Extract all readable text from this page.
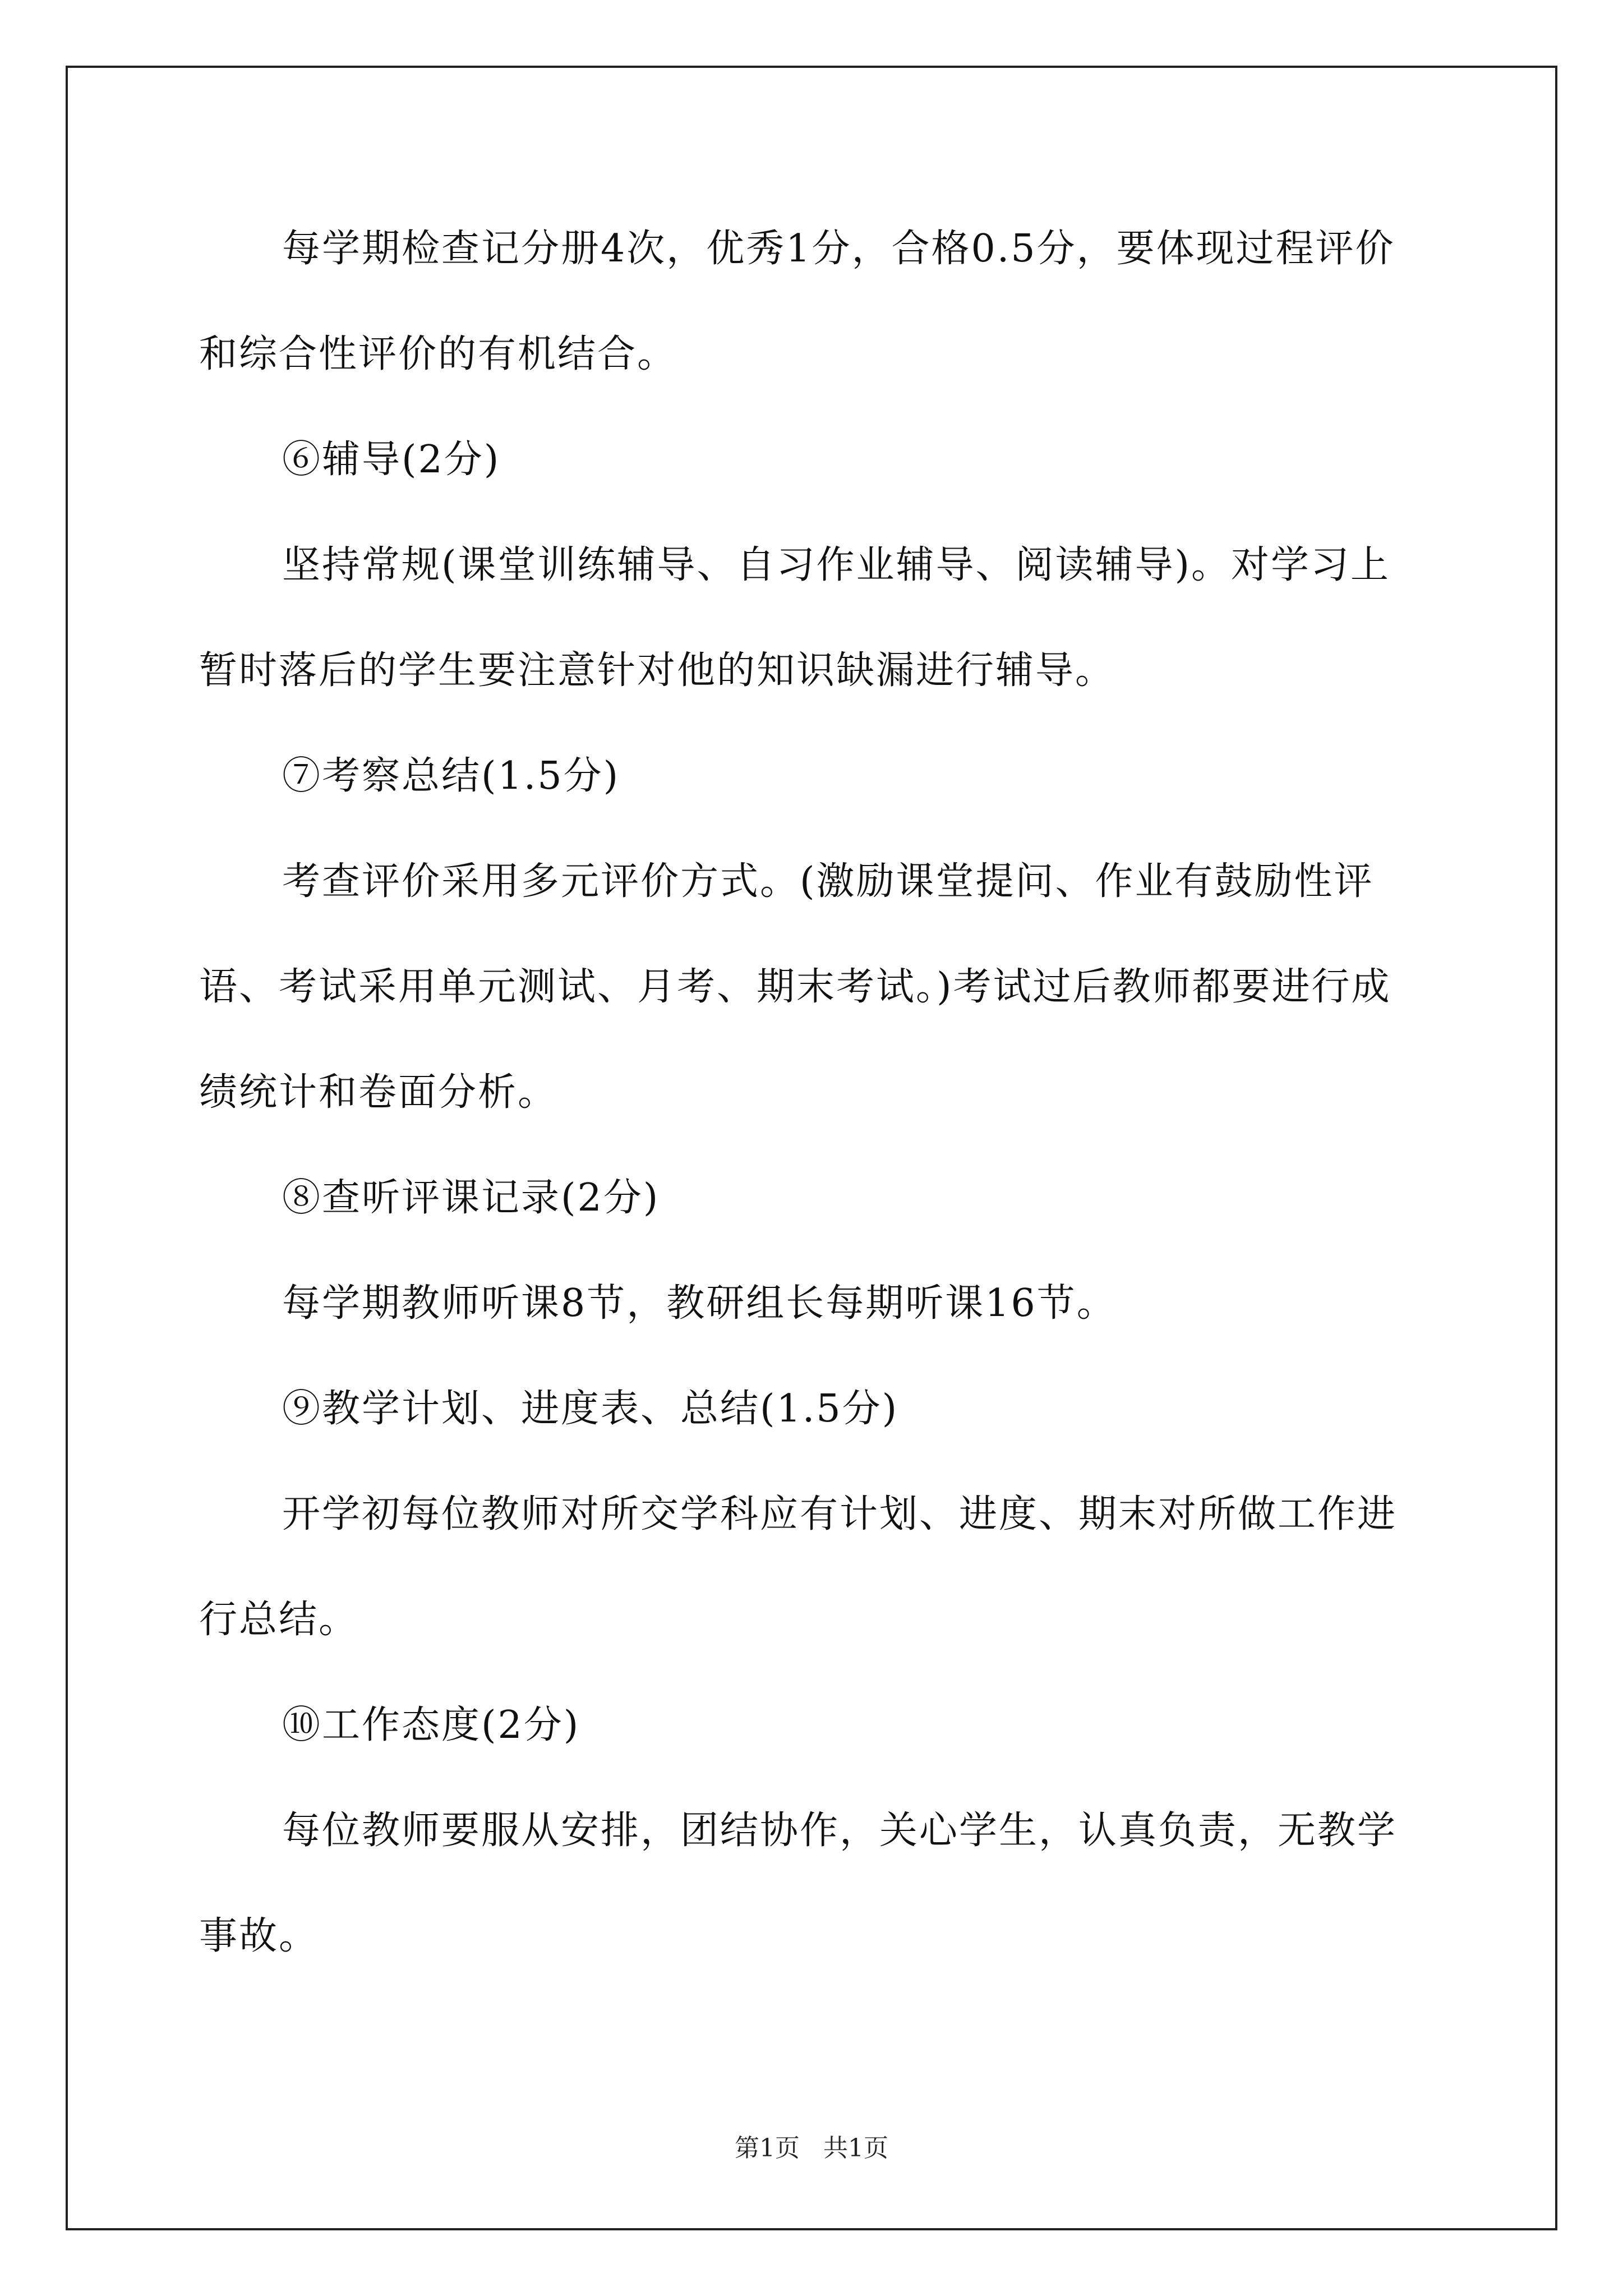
每学期检查记分册4次，优秀1分，合格0.5分，要体现过程评价和综合性评价的有机结合。

⑥辅导(2分)

坚持常规(课堂训练辅导、自习作业辅导、阅读辅导)。对学习上暂时落后的学生要注意针对他的知识缺漏进行辅导。

⑦考察总结(1.5分)

考查评价采用多元评价方式。(激励课堂提问、作业有鼓励性评语、考试采用单元测试、月考、期末考试。)考试过后教师都要进行成绩统计和卷面分析。

⑧查听评课记录(2分)

每学期教师听课8节，教研组长每期听课16节。

⑨教学计划、进度表、总结(1.5分)

开学初每位教师对所交学科应有计划、进度、期末对所做工作进行总结。

⑩工作态度(2分)

每位教师要服从安排，团结协作，关心学生，认真负责，无教学事故。

第1页 共1页
